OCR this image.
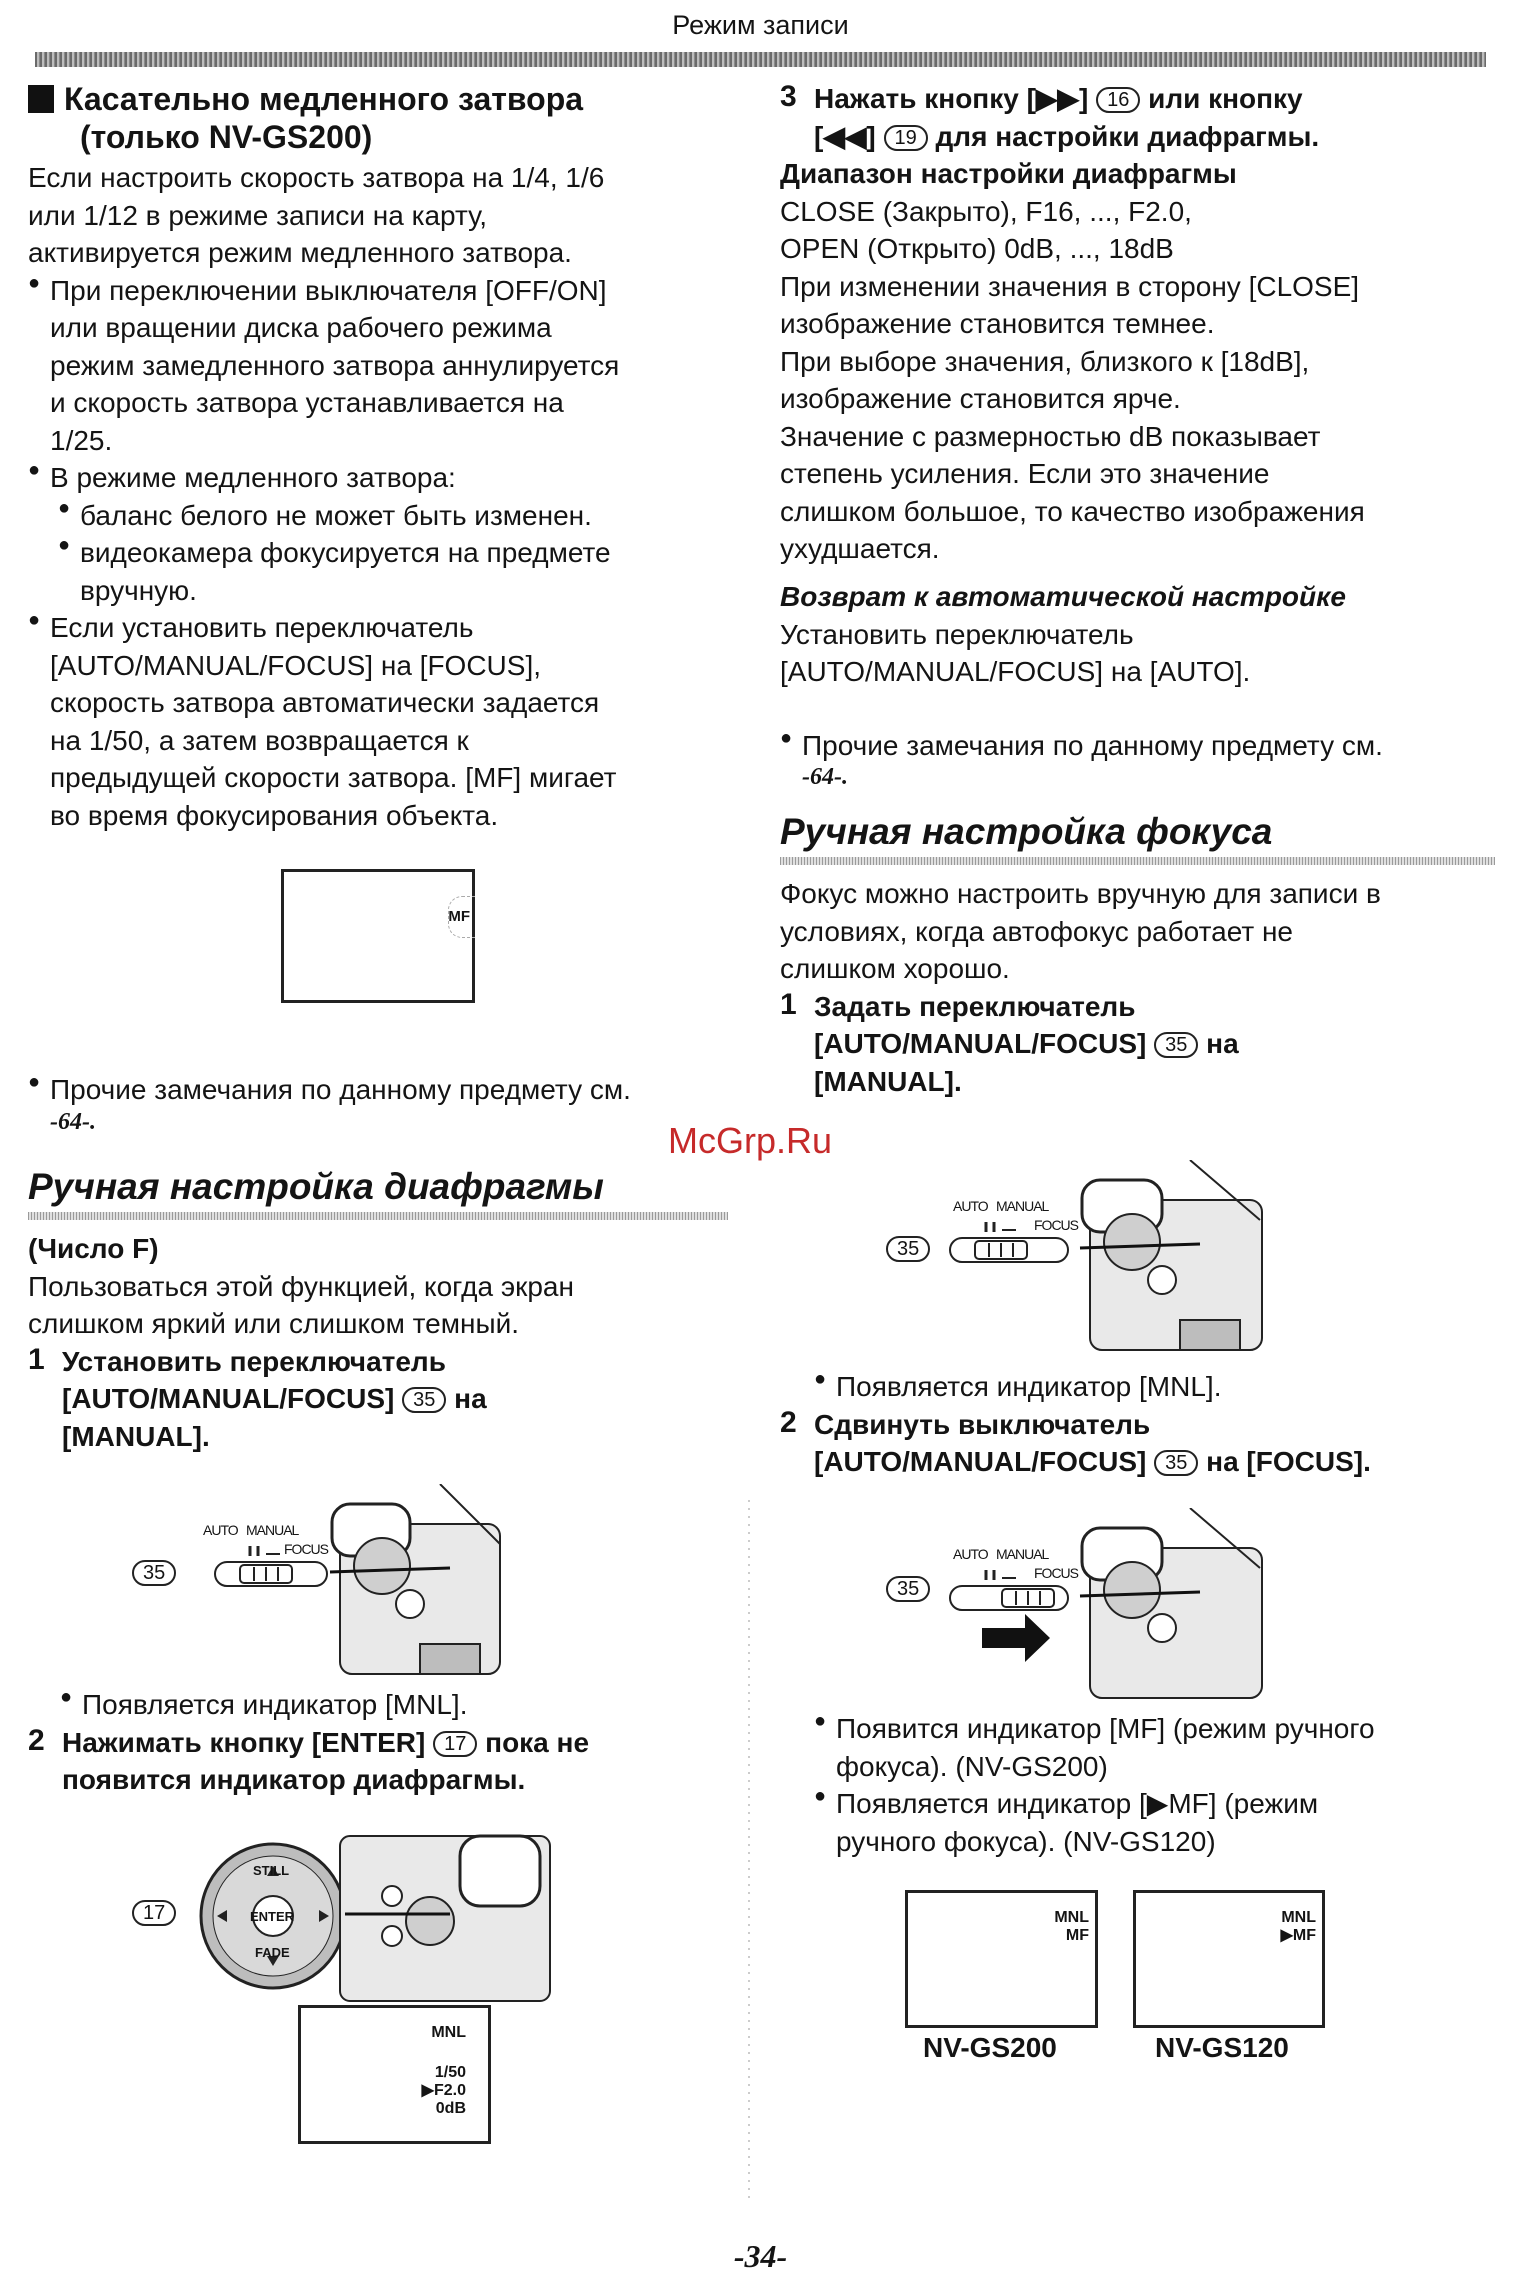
Режим записи
Касательно медленного затвора
(только NV-GS200)

Если настроить скорость затвора на 1/4, 1/6

или 1/12 в режиме записи на карту,

активируется режим медленного затвора.

● При переключении выключателя [OFF/ON]

или вращении диска рабочего режима

режим замедленного затвора аннулируется

и скорость затвора устанавливается на

1/25.

● В режиме медленного затвора:

● баланс белого не может быть изменен.

● видеокамера фокусируется на предмете

вручную.

● Если установить переключатель

[AUTO/MANUAL/FOCUS] на [FOCUS],

скорость затвора автоматически задается

на 1/50, а затем возвращается к

предыдущей скорости затвора. [MF] мигает

во время фокусирования объекта.

MF

● Прочие замечания по данному предмету см.

-64-.
Ручная настройка диафрагмы
(Число F)

Пользоваться этой функцией, когда экран

слишком яркий или слишком темный.

1 Установить переключатель

[AUTO/MANUAL/FOCUS] 35 на

[MANUAL].

AUTO MANUAL
FOCUS
35

● Появляется индикатор [MNL].

2 Нажимать кнопку [ENTER] 17 пока не

появится индикатор диафрагмы.

STILL
ENTER
FADE
17
MNL
1/50
▶F2.0
0dB
3 Нажать кнопку [▶▶] 16 или кнопку

[◀◀] 19 для настройки диафрагмы.

Диапазон настройки диафрагмы

CLOSE (Закрыто), F16, ..., F2.0,

OPEN (Открыто) 0dB, ..., 18dB

При изменении значения в сторону [CLOSE]

изображение становится темнее.

При выборе значения, близкого к [18dB],

изображение становится ярче.

Значение с размерностью dB показывает

степень усиления. Если это значение

слишком большое, то качество изображения

ухудшается.

Возврат к автоматической настройке

Установить переключатель

[AUTO/MANUAL/FOCUS] на [AUTO].

● Прочие замечания по данному предмету см.

-64-.
Ручная настройка фокуса

Фокус можно настроить вручную для записи в

условиях, когда автофокус работает не

слишком хорошо.

1 Задать переключатель

[AUTO/MANUAL/FOCUS] 35 на

[MANUAL].

AUTO MANUAL
FOCUS
35

● Появляется индикатор [MNL].

2 Сдвинуть выключатель

[AUTO/MANUAL/FOCUS] 35 на [FOCUS].

AUTO MANUAL
FOCUS
35

● Появится индикатор [MF] (режим ручного

фокуса). (NV-GS200)

● Появляется индикатор [▶MF] (режим

ручного фокуса). (NV-GS120)

MNL
MF
MNL
▶MF
NV-GS200	NV-GS120
McGrp.Ru
-34-
